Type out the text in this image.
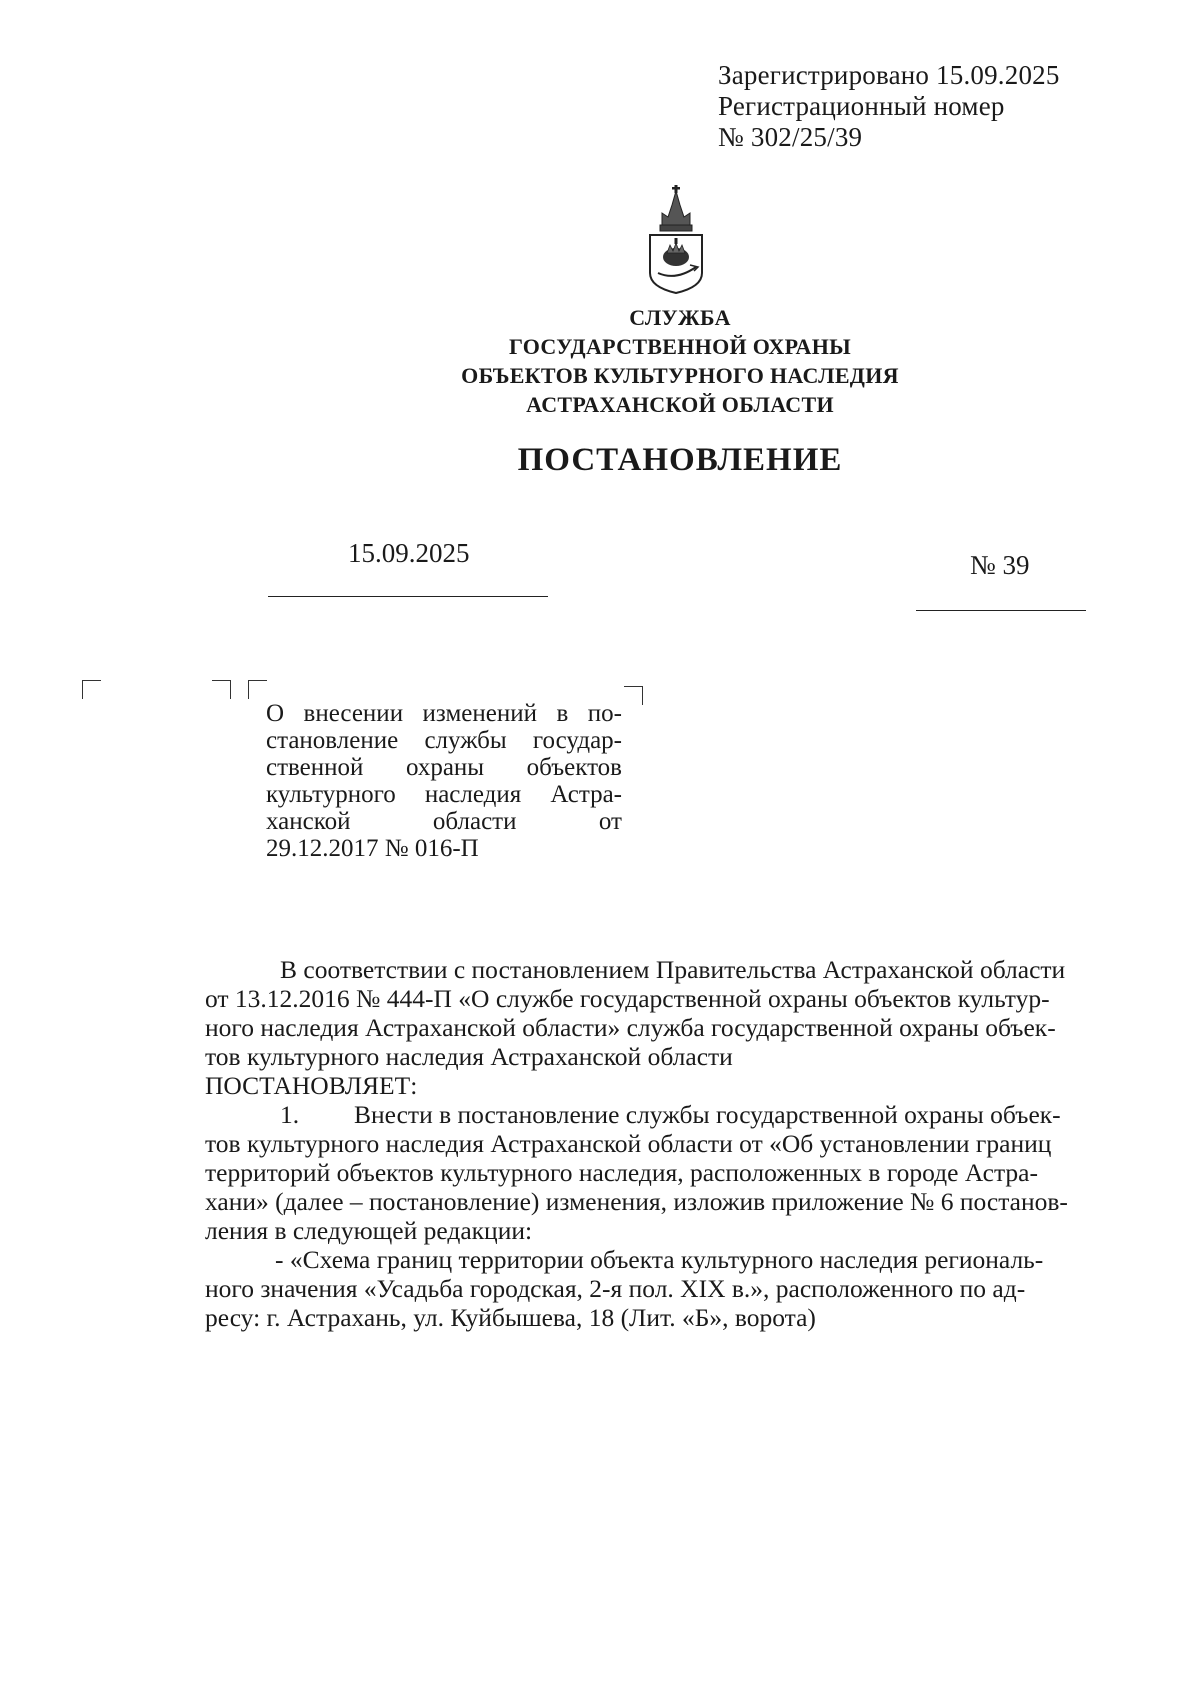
Зарегистрировано 15.09.2025
Регистрационный номер
№ 302/25/39
СЛУЖБА
ГОСУДАРСТВЕННОЙ ОХРАНЫ
ОБЪЕКТОВ КУЛЬТУРНОГО НАСЛЕДИЯ
АСТРАХАНСКОЙ ОБЛАСТИ
ПОСТАНОВЛЕНИЕ
15.09.2025	№ 39
О внесении изменений в по-
становление службы государ-
ственной охраны объектов
культурного наследия Астра-
ханской	области	от
29.12.2017 № 016-П
В соответствии с постановлением Правительства Астраханской области
от 13.12.2016 № 444-П «О службе государственной охраны объектов культур-
ного наследия Астраханской области» служба государственной охраны объек-
тов культурного наследия Астраханской области
ПОСТАНОВЛЯЕТ:
1. Внести в постановление службы государственной охраны объек-
тов культурного наследия Астраханской области от «Об установлении границ
территорий объектов культурного наследия, расположенных в городе Астра-
хани» (далее – постановление) изменения, изложив приложение № 6 постанов-
ления в следующей редакции:
- «Схема границ территории объекта культурного наследия региональ-
ного значения «Усадьба городская, 2-я пол. XIX в.», расположенного по ад-
ресу: г. Астрахань, ул. Куйбышева, 18 (Лит. «Б», ворота)
